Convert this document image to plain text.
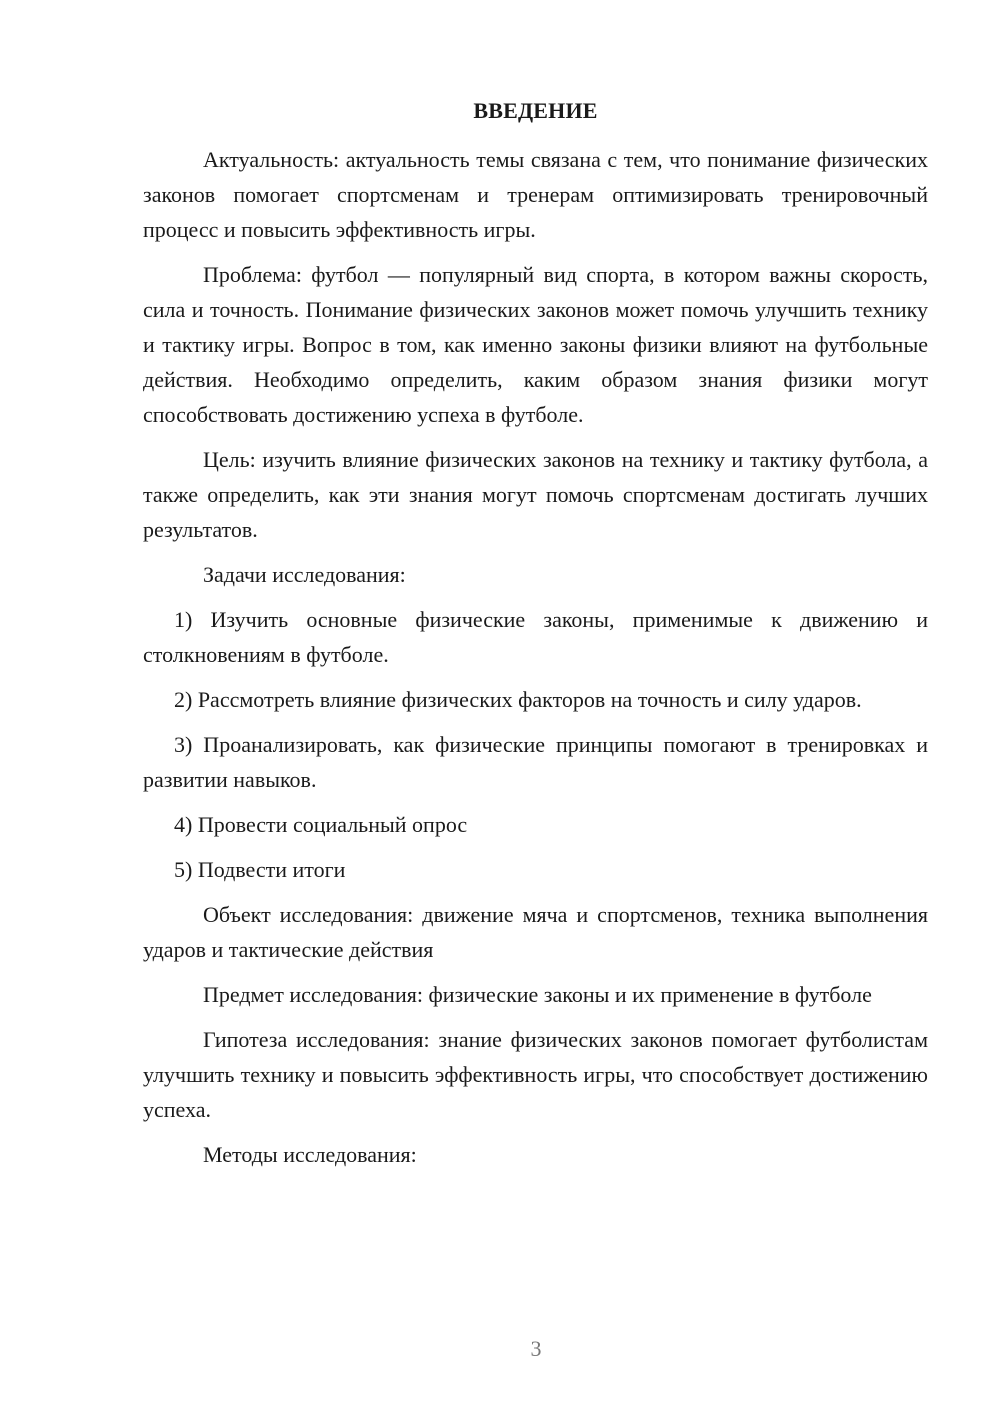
ВВЕДЕНИЕ

Актуальность: актуальность темы связана с тем, что понимание физических законов помогает спортсменам и тренерам оптимизировать тренировочный процесс и повысить эффективность игры.

Проблема: футбол — популярный вид спорта, в котором важны скорость, сила и точность. Понимание физических законов может помочь улучшить технику и тактику игры. Вопрос в том, как именно законы физики влияют на футбольные действия. Необходимо определить, каким образом знания физики могут способствовать достижению успеха в футболе.

Цель: изучить влияние физических законов на технику и тактику футбола, а также определить, как эти знания могут помочь спортсменам достигать лучших результатов.

Задачи исследования:

1) Изучить основные физические законы, применимые к движению и столкновениям в футболе.

2) Рассмотреть влияние физических факторов на точность и силу ударов.

3) Проанализировать, как физические принципы помогают в тренировках и развитии навыков.

4) Провести социальный опрос

5) Подвести итоги

Объект исследования: движение мяча и спортсменов, техника выполнения ударов и тактические действия

Предмет исследования: физические законы и их применение в футболе

Гипотеза исследования: знание физических законов помогает футболистам улучшить технику и повысить эффективность игры, что способствует достижению успеха.

Методы исследования:

3
